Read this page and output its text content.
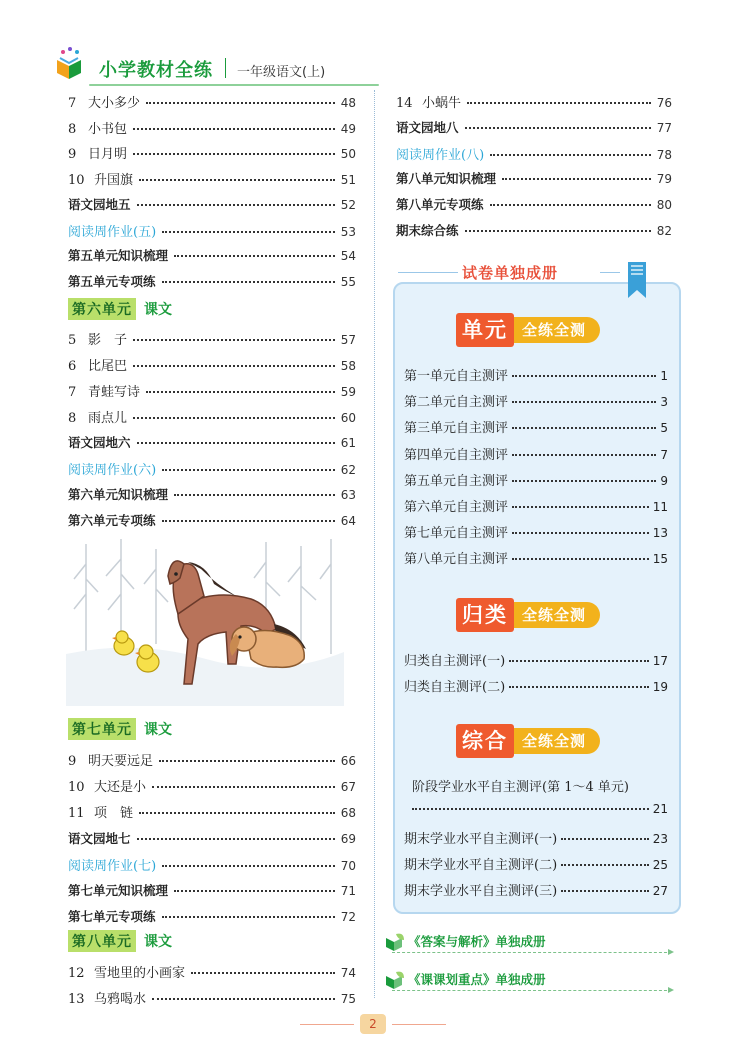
小学教材全练 一年级语文(上)
7 大小多少	48
8 小书包	49
9 日月明	50
10 升国旗	51
语文园地五	52
阅读周作业(五)	53
第五单元知识梳理	54
第五单元专项练	55
第六单元 课文
5 影　子	57
6 比尾巴	58
7 青蛙写诗	59
8 雨点儿	60
语文园地六	61
阅读周作业(六)	62
第六单元知识梳理	63
第六单元专项练	64
第七单元 课文
9 明天要远足	66
10 大还是小	67
11 项　链	68
语文园地七	69
阅读周作业(七)	70
第七单元知识梳理	71
第七单元专项练	72
第八单元 课文
12 雪地里的小画家	74
13 乌鸦喝水	75
14 小蜗牛	76
语文园地八	77
阅读周作业(八)	78
第八单元知识梳理	79
第八单元专项练	80
期末综合练	82
试卷单独成册
单元 全练全测
第一单元自主测评	1
第二单元自主测评	3
第三单元自主测评	5
第四单元自主测评	7
第五单元自主测评	9
第六单元自主测评	11
第七单元自主测评	13
第八单元自主测评	15
归类 全练全测
归类自主测评(一)	17
归类自主测评(二)	19
综合 全练全测
阶段学业水平自主测评(第 1～4 单元)
21
期末学业水平自主测评(一)	23
期末学业水平自主测评(二)	25
期末学业水平自主测评(三)	27
《答案与解析》单独成册
《课课划重点》单独成册
2
